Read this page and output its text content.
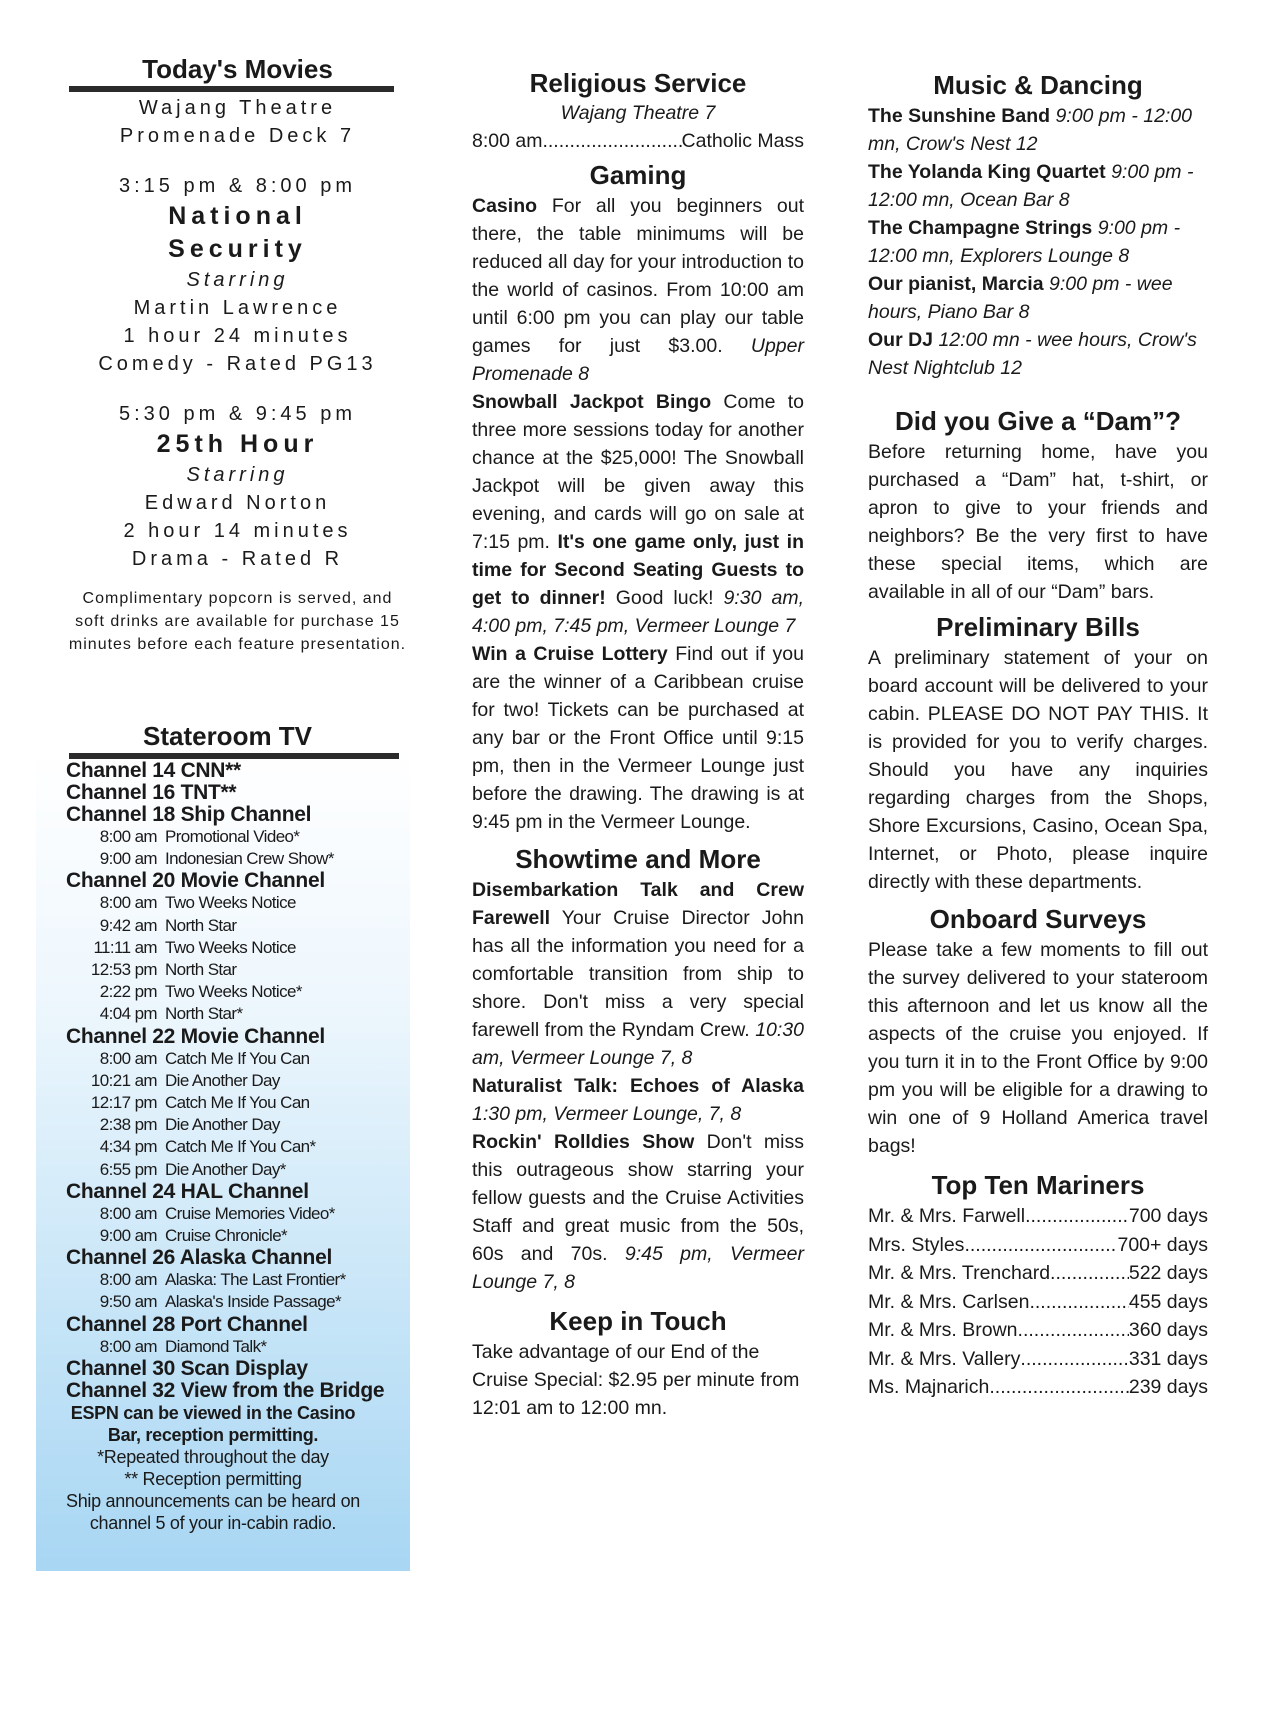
Today's Movies
Wajang Theatre
Promenade Deck 7
3:15 pm & 8:00 pm
National
Security
Starring
Martin Lawrence
1 hour 24 minutes
Comedy - Rated PG13
5:30 pm & 9:45 pm
25th Hour
Starring
Edward Norton
2 hour 14 minutes
Drama - Rated R
Complimentary popcorn is served, and soft drinks are available for purchase 15 minutes before each feature presentation.
Stateroom TV
Channel 14 CNN**
Channel 16 TNT**
Channel 18 Ship Channel
8:00 am Promotional Video*
9:00 am Indonesian Crew Show*
Channel 20 Movie Channel
8:00 am Two Weeks Notice
9:42 am North Star
11:11 am Two Weeks Notice
12:53 pm North Star
2:22 pm Two Weeks Notice*
4:04 pm North Star*
Channel 22 Movie Channel
8:00 am Catch Me If You Can
10:21 am Die Another Day
12:17 pm Catch Me If You Can
2:38 pm Die Another Day
4:34 pm Catch Me If You Can*
6:55 pm Die Another Day*
Channel 24 HAL Channel
8:00 am Cruise Memories Video*
9:00 am Cruise Chronicle*
Channel 26 Alaska Channel
8:00 am Alaska: The Last Frontier*
9:50 am Alaska's Inside Passage*
Channel 28 Port Channel
8:00 am Diamond Talk*
Channel 30 Scan Display
Channel 32 View from the Bridge
ESPN can be viewed in the Casino Bar, reception permitting.
*Repeated throughout the day
** Reception permitting
Ship announcements can be heard on channel 5 of your in-cabin radio.
Religious Service
Wajang Theatre 7
8:00 am .....	Catholic Mass
Gaming

Casino For all you beginners out there, the table minimums will be reduced all day for your introduction to the world of casinos. From 10:00 am until 6:00 pm you can play our table games for just $3.00. Upper Promenade 8

Snowball Jackpot Bingo Come to three more sessions today for another chance at the $25,000! The Snowball Jackpot will be given away this evening, and cards will go on sale at 7:15 pm. It's one game only, just in time for Second Seating Guests to get to dinner! Good luck! 9:30 am, 4:00 pm, 7:45 pm, Vermeer Lounge 7

Win a Cruise Lottery Find out if you are the winner of a Caribbean cruise for two! Tickets can be purchased at any bar or the Front Office until 9:15 pm, then in the Vermeer Lounge just before the drawing. The drawing is at 9:45 pm in the Vermeer Lounge.

Showtime and More

Disembarkation Talk and Crew Farewell Your Cruise Director John has all the information you need for a comfortable transition from ship to shore. Don't miss a very special farewell from the Ryndam Crew. 10:30 am, Vermeer Lounge 7, 8

Naturalist Talk: Echoes of Alaska 1:30 pm, Vermeer Lounge, 7, 8

Rockin' Rolldies Show Don't miss this outrageous show starring your fellow guests and the Cruise Activities Staff and great music from the 50s, 60s and 70s. 9:45 pm, Vermeer Lounge 7, 8

Keep in Touch

Take advantage of our End of the Cruise Special: $2.95 per minute from 12:01 am to 12:00 mn.

Music & Dancing

The Sunshine Band 9:00 pm - 12:00 mn, Crow's Nest 12

The Yolanda King Quartet 9:00 pm - 12:00 mn, Ocean Bar 8

The Champagne Strings 9:00 pm - 12:00 mn, Explorers Lounge 8

Our pianist, Marcia 9:00 pm - wee hours, Piano Bar 8

Our DJ 12:00 mn - wee hours, Crow's Nest Nightclub 12

Did you Give a “Dam”?

Before returning home, have you purchased a “Dam” hat, t-shirt, or apron to give to your friends and neighbors? Be the very first to have these special items, which are available in all of our “Dam” bars.

Preliminary Bills

A preliminary statement of your on board account will be delivered to your cabin. PLEASE DO NOT PAY THIS. It is provided for you to verify charges. Should you have any inquiries regarding charges from the Shops, Shore Excursions, Casino, Ocean Spa, Internet, or Photo, please inquire directly with these departments.

Onboard Surveys

Please take a few moments to fill out the survey delivered to your stateroom this afternoon and let us know all the aspects of the cruise you enjoyed. If you turn it in to the Front Office by 9:00 pm you will be eligible for a drawing to win one of 9 Holland America travel bags!

Top Ten Mariners
Mr. & Mrs. Farwell .....	700 days
Mrs. Styles .....	700+ days
Mr. & Mrs. Trenchard .....	522 days
Mr. & Mrs. Carlsen .....	455 days
Mr. & Mrs. Brown .....	360 days
Mr. & Mrs. Vallery .....	331 days
Ms. Majnarich .....	239 days
